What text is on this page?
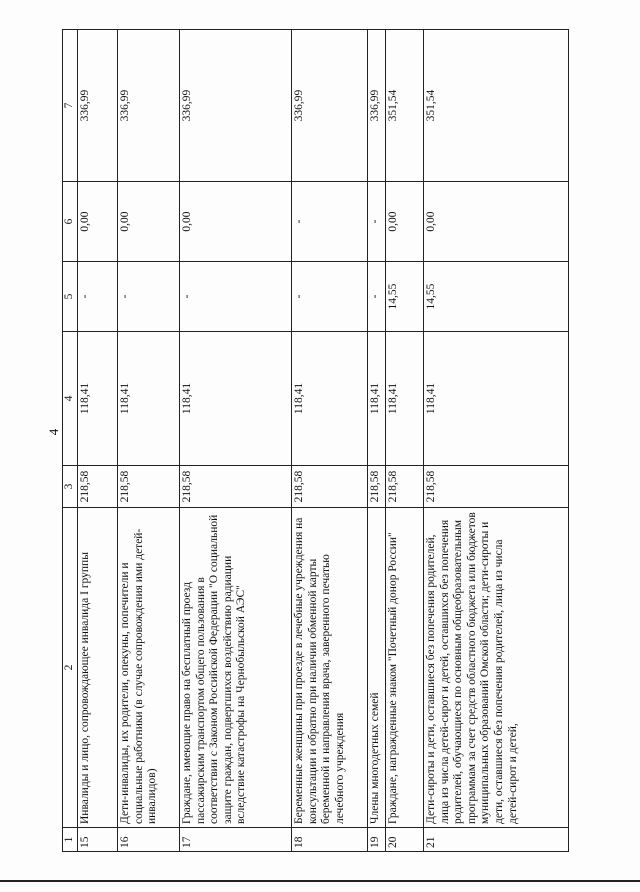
4
1	2	3	4	5	6	7
15	Инвалиды и лицо, сопровождающее инвалида I группы	218,58	118,41	-	0,00	336,99
16	Дети-инвалиды, их родители, опекуны, попечители и социальные работники (в случае сопровождения ими детей-инвалидов)	218,58	118,41	-	0,00	336,99
17	Граждане, имеющие право на бесплатный проезд пассажирским транспортом общего пользования в соответствии с Законом Российской Федерации "О социальной защите граждан, подвергшихся воздействию радиации вследствие катастрофы на Чернобыльской АЭС"	218,58	118,41	-	0,00	336,99
18	Беременные женщины при проезде в лечебные учреждения на консультации и обратно при наличии обменной карты беременной и направления врача, заверенного печатью лечебного учреждения	218,58	118,41	-	-	336,99
19	Члены многодетных семей	218,58	118,41	-	-	336,99
20	Граждане, награжденные знаком "Почетный донор России"	218,58	118,41	14,55	0,00	351,54
21	Дети-сироты и дети, оставшиеся без попечения родителей, лица из числа детей-сирот и детей, оставшихся без попечения родителей, обучающиеся по основным общеобразовательным программам за счет средств областного бюджета или бюджетов муниципальных образований Омской области; дети-сироты и дети, оставшиеся без попечения родителей, лица из числа детей-сирот и детей,	218,58	118,41	14,55	0,00	351,54
